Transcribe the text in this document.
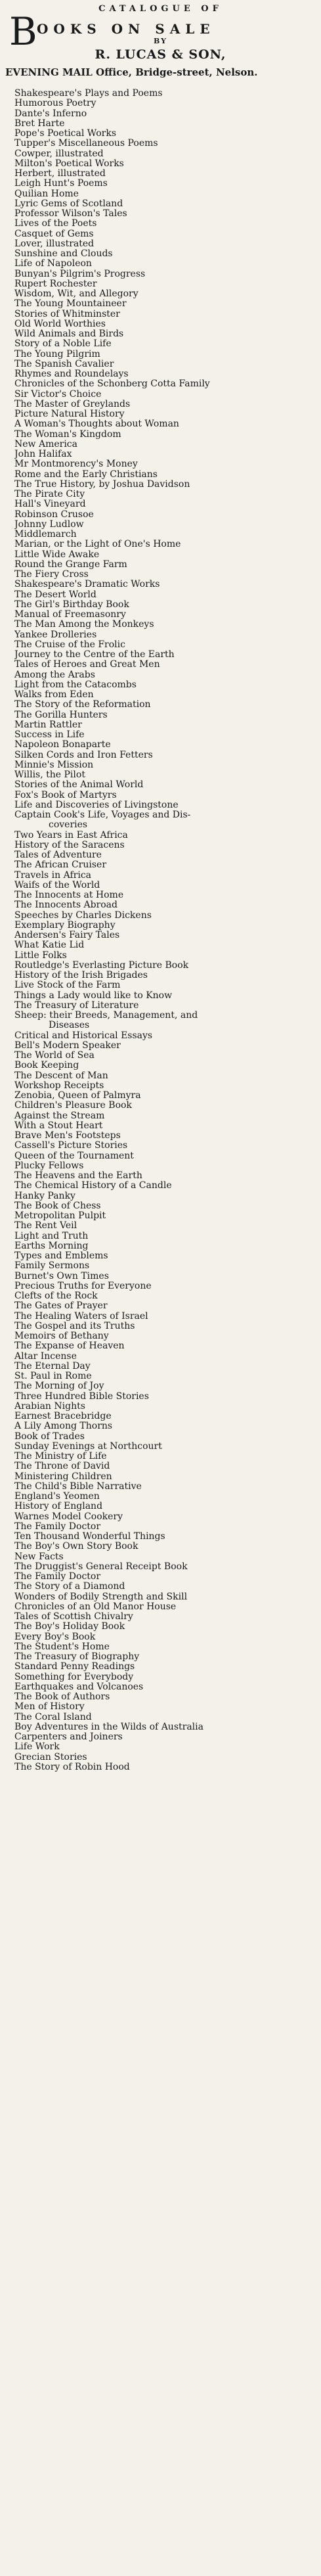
CATALOGUE OF
B OOKS ON SALE
BY
R. LUCAS & SON,
EVENING MAIL Office, Bridge-street, Nelson.
Shakespeare's Plays and Poems
Humorous Poetry
Dante's Inferno
Bret Harte
Pope's Poetical Works
Tupper's Miscellaneous Poems
Cowper, illustrated
Milton's Poetical Works
Herbert, illustrated
Leigh Hunt's Poems
Quilian Home
Lyric Gems of Scotland
Professor Wilson's Tales
Lives of the Poets
Casquet of Gems
Lover, illustrated
Sunshine and Clouds
Life of Napoleon
Bunyan's Pilgrim's Progress
Rupert Rochester
Wisdom, Wit, and Allegory
The Young Mountaineer
Stories of Whitminster
Old World Worthies
Wild Animals and Birds
Story of a Noble Life
The Young Pilgrim
The Spanish Cavalier
Rhymes and Roundelays
Chronicles of the Schonberg Cotta Family
Sir Victor's Choice
The Master of Greylands
Picture Natural History
A Woman's Thoughts about Woman
The Woman's Kingdom
New America
John Halifax
Mr Montmorency's Money
Rome and the Early Christians
The True History, by Joshua Davidson
The Pirate City
Hall's Vineyard
Robinson Crusoe
Johnny Ludlow
Middlemarch
Marian, or the Light of One's Home
Little Wide Awake
Round the Grange Farm
The Fiery Cross
Shakespeare's Dramatic Works
The Desert World
The Girl's Birthday Book
Manual of Freemasonry
The Man Among the Monkeys
Yankee Drolleries
The Cruise of the Frolic
Journey to the Centre of the Earth
Tales of Heroes and Great Men
Among the Arabs
Light from the Catacombs
Walks from Eden
The Story of the Reformation
The Gorilla Hunters
Martin Rattler
Success in Life
Napoleon Bonaparte
Silken Cords and Iron Fetters
Minnie's Mission
Willis, the Pilot
Stories of the Animal World
Fox's Book of Martyrs
Life and Discoveries of Livingstone
Captain Cook's Life, Voyages and Dis-
coveries
Two Years in East Africa
History of the Saracens
Tales of Adventure
The African Cruiser
Travels in Africa
Waifs of the World
The Innocents at Home
The Innocents Abroad
Speeches by Charles Dickens
Exemplary Biography
Andersen's Fairy Tales
What Katie Lid
Little Folks
Routledge's Everlasting Picture Book
History of the Irish Brigades
Live Stock of the Farm
Things a Lady would like to Know
The Treasury of Literature
Sheep: their Breeds, Management, and
Diseases
Critical and Historical Essays
Bell's Modern Speaker
The World of Sea
Book Keeping
The Descent of Man
Workshop Receipts
Zenobia, Queen of Palmyra
Children's Pleasure Book
Against the Stream
With a Stout Heart
Brave Men's Footsteps
Cassell's Picture Stories
Queen of the Tournament
Plucky Fellows
The Heavens and the Earth
The Chemical History of a Candle
Hanky Panky
The Book of Chess
Metropolitan Pulpit
The Rent Veil
Light and Truth
Earths Morning
Types and Emblems
Family Sermons
Burnet's Own Times
Precious Truths for Everyone
Clefts of the Rock
The Gates of Prayer
The Healing Waters of Israel
The Gospel and its Truths
Memoirs of Bethany
The Expanse of Heaven
Altar Incense
The Eternal Day
St. Paul in Rome
The Morning of Joy
Three Hundred Bible Stories
Arabian Nights
Earnest Bracebridge
A Lily Among Thorns
Book of Trades
Sunday Evenings at Northcourt
The Ministry of Life
The Throne of David
Ministering Children
The Child's Bible Narrative
England's Yeomen
History of England
Warnes Model Cookery
The Family Doctor
Ten Thousand Wonderful Things
The Boy's Own Story Book
New Facts
The Druggist's General Receipt Book
The Family Doctor
The Story of a Diamond
Wonders of Bodily Strength and Skill
Chronicles of an Old Manor House
Tales of Scottish Chivalry
The Boy's Holiday Book
Every Boy's Book
The Student's Home
The Treasury of Biography
Standard Penny Readings
Something for Everybody
Earthquakes and Volcanoes
The Book of Authors
Men of History
The Coral Island
Boy Adventures in the Wilds of Australia
Carpenters and Joiners
Life Work
Grecian Stories
The Story of Robin Hood
